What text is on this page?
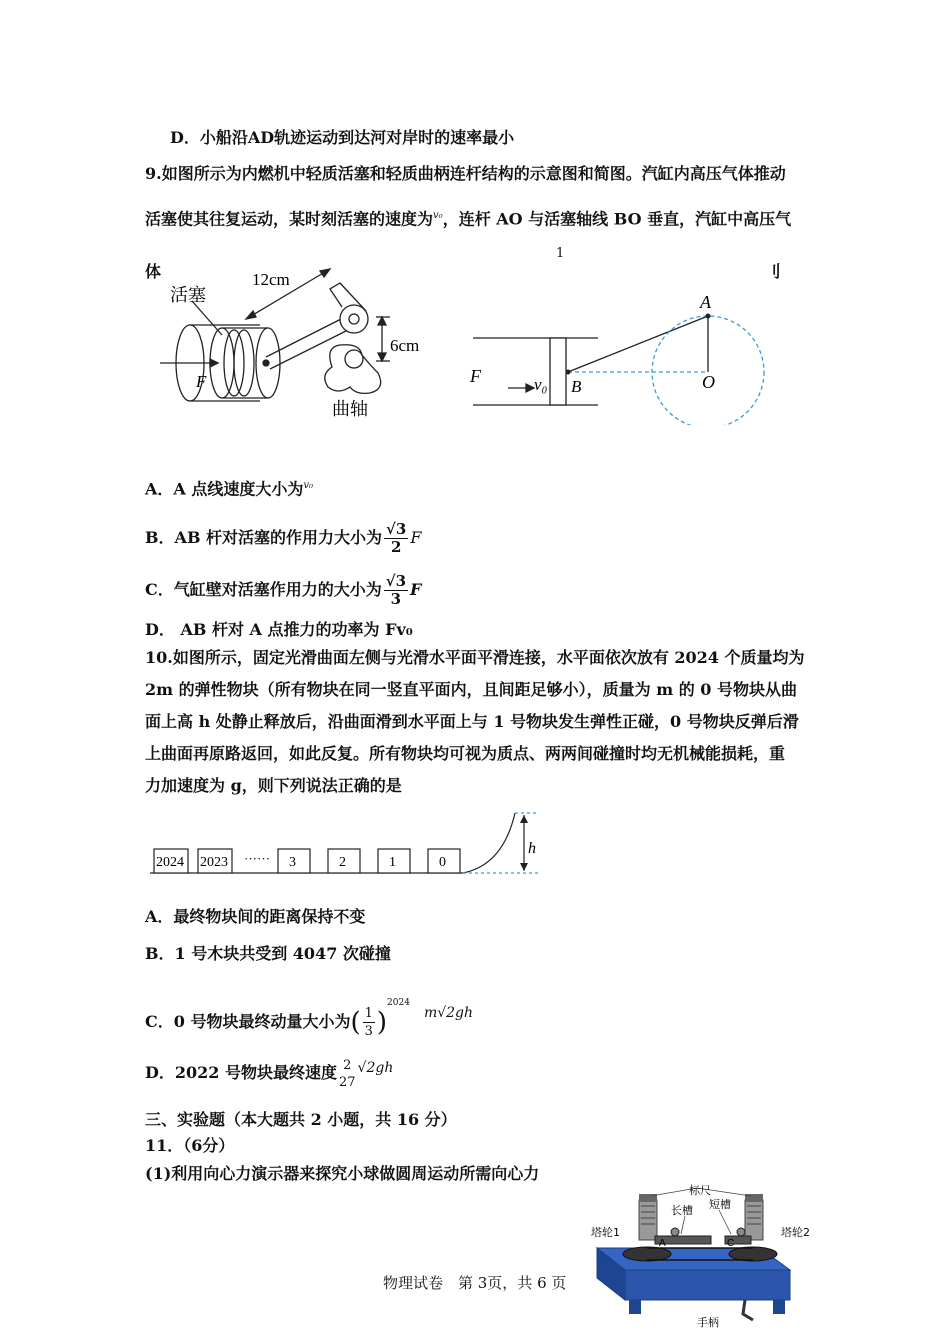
D．小船沿AD轨迹运动到达河对岸时的速率最小
9.如图所示为内燃机中轻质活塞和轻质曲柄连杆结构的示意图和简图。汽缸内高压气体推动
活塞使其往复运动，某时刻活塞的速度为$^{v_0}$，连杆 AO 与活塞轴线 BO 垂直，汽缸中高压气
1
体	刂
12cm
活塞
6cm
曲轴
F	F	v₀
A
B	O
A．A 点线速度大小为$^{v_0}$
B．AB 杆对活塞的作用力大小为 $\frac{√3}{2}$ F
C．气缸壁对活塞作用力的大小为 $\frac{√3}{3}$ F
D． AB 杆对 A 点推力的功率为 Fv₀
10.如图所示，固定光滑曲面左侧与光滑水平面平滑连接，水平面依次放有 2024 个质量均为
2m 的弹性物块（所有物块在同一竖直平面内，且间距足够小），质量为 m 的 0 号物块从曲
面上高 h 处静止释放后，沿曲面滑到水平面上与 1 号物块发生弹性正碰，0 号物块反弹后滑
上曲面再原路返回，如此反复。所有物块均可视为质点、两两间碰撞时均无机械能损耗，重
力加速度为 g，则下列说法正确的是
2024 2023 ······ 3	2	1	0
h
A．最终物块间的距离保持不变
B．1 号木块共受到 4047 次碰撞
C．0 号物块最终动量大小为( $\frac{1}{3} )^{2024}m√2gh$
D．2022 号物块最终速度 2
27
√2gh
三、实验题（本大题共 2 小题，共 16 分）
11．（6分）
(1)利用向心力演示器来探究小球做圆周运动所需向心力
标尺
长槽 短槽
塔轮1	塔轮2
A	C
手柄
物理试卷　第 3页，共 6 页
